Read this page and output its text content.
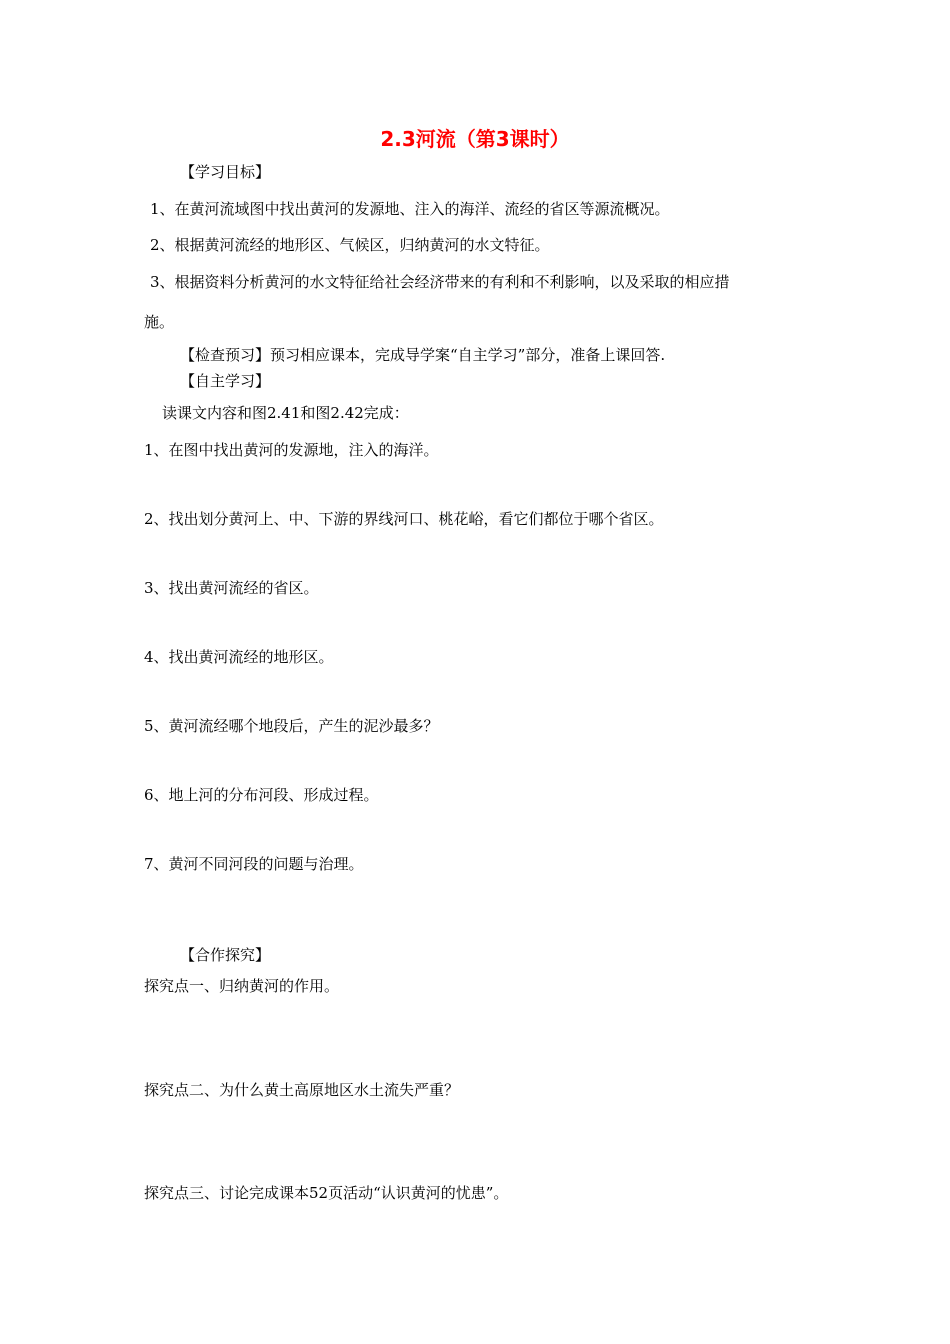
2.3河流（第3课时）

【学习目标】

1、在黄河流域图中找出黄河的发源地、注入的海洋、流经的省区等源流概况。

2、根据黄河流经的地形区、气候区，归纳黄河的水文特征。

3、根据资料分析黄河的水文特征给社会经济带来的有利和不利影响，以及采取的相应措

施。

【检查预习】预习相应课本，完成导学案“自主学习”部分，准备上课回答.

【自主学习】

读课文内容和图2.41和图2.42完成：

1、在图中找出黄河的发源地，注入的海洋。

2、找出划分黄河上、中、下游的界线河口、桃花峪，看它们都位于哪个省区。

3、找出黄河流经的省区。

4、找出黄河流经的地形区。

5、黄河流经哪个地段后，产生的泥沙最多？

6、地上河的分布河段、形成过程。

7、黄河不同河段的问题与治理。

【合作探究】

探究点一、归纳黄河的作用。

探究点二、为什么黄土高原地区水土流失严重？

探究点三、讨论完成课本52页活动“认识黄河的忧患”。
